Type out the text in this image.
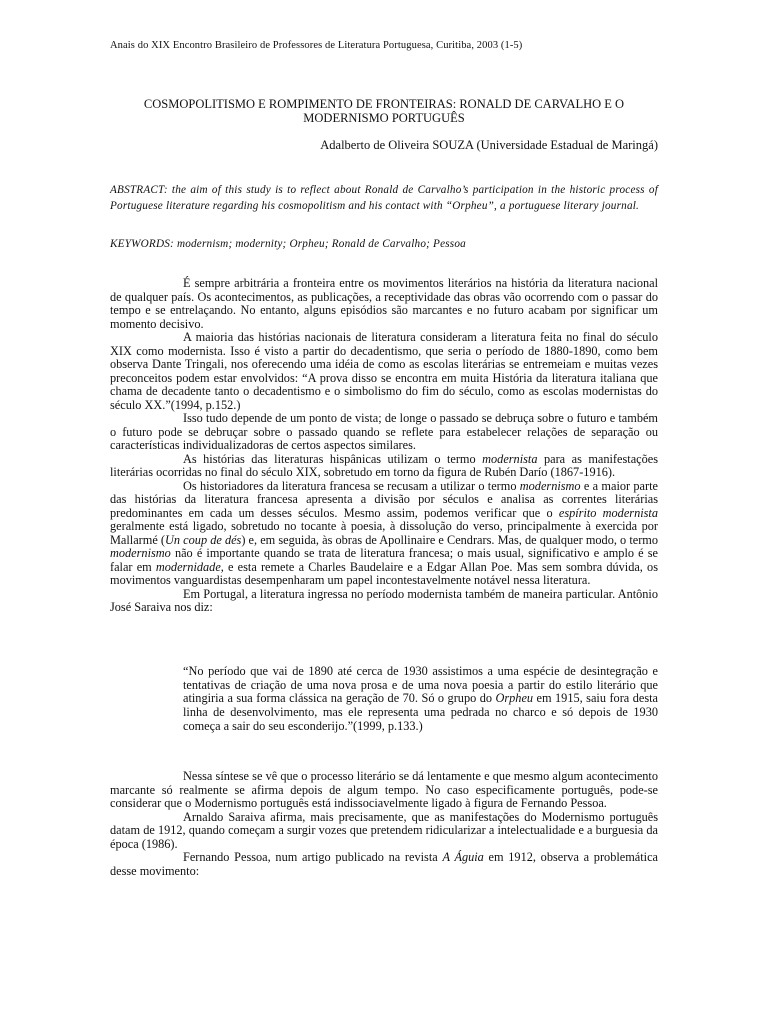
Anais do XIX Encontro Brasileiro de Professores de Literatura Portuguesa, Curitiba, 2003 (1-5)
COSMOPOLITISMO E ROMPIMENTO DE FRONTEIRAS: RONALD DE CARVALHO E O
MODERNISMO PORTUGUÊS
Adalberto de Oliveira SOUZA (Universidade Estadual de Maringá)
ABSTRACT: the aim of this study is to reflect about Ronald de Carvalho’s participation in the historic process of Portuguese literature regarding his cosmopolitism and his contact with “Orpheu”, a portuguese literary journal.
KEYWORDS: modernism; modernity; Orpheu; Ronald de Carvalho; Pessoa

É sempre arbitrária a fronteira entre os movimentos literários na história da literatura nacional de qualquer país. Os acontecimentos, as publicações, a receptividade das obras vão ocorrendo com o passar do tempo e se entrelaçando. No entanto, alguns episódios são marcantes e no futuro acabam por significar um momento decisivo.

A maioria das histórias nacionais de literatura consideram a literatura feita no final do século XIX como modernista. Isso é visto a partir do decadentismo, que seria o período de 1880-1890, como bem observa Dante Tringali, nos oferecendo uma idéia de como as escolas literárias se entremeiam e muitas vezes preconceitos podem estar envolvidos: “A prova disso se encontra em muita História da literatura italiana que chama de decadente tanto o decadentismo e o simbolismo do fim do século, como as escolas modernistas do século XX.”(1994, p.152.)

Isso tudo depende de um ponto de vista; de longe o passado se debruça sobre o futuro e também o futuro pode se debruçar sobre o passado quando se reflete para estabelecer relações de separação ou características individualizadoras de certos aspectos similares.

As histórias das literaturas hispânicas utilizam o termo modernista para as manifestações literárias ocorridas no final do século XIX, sobretudo em torno da figura de Rubén Darío (1867-1916).

Os historiadores da literatura francesa se recusam a utilizar o termo modernismo e a maior parte das histórias da literatura francesa apresenta a divisão por séculos e analisa as correntes literárias predominantes em cada um desses séculos. Mesmo assim, podemos verificar que o espírito modernista geralmente está ligado, sobretudo no tocante à poesia, à dissolução do verso, principalmente à exercida por Mallarmé (Un coup de dés) e, em seguida, às obras de Apollinaire e Cendrars. Mas, de qualquer modo, o termo modernismo não é importante quando se trata de literatura francesa; o mais usual, significativo e amplo é se falar em modernidade, e esta remete a Charles Baudelaire e a Edgar Allan Poe. Mas sem sombra dúvida, os movimentos vanguardistas desempenharam um papel incontestavelmente notável nessa literatura.

Em Portugal, a literatura ingressa no período modernista também de maneira particular. Antônio José Saraiva nos diz:

“No período que vai de 1890 até cerca de 1930 assistimos a uma espécie de desintegração e tentativas de criação de uma nova prosa e de uma nova poesia a partir do estilo literário que atingiria a sua forma clássica na geração de 70. Só o grupo do Orpheu em 1915, saiu fora desta linha de desenvolvimento, mas ele representa uma pedrada no charco e só depois de 1930 começa a sair do seu esconderijo.”(1999, p.133.)

Nessa síntese se vê que o processo literário se dá lentamente e que mesmo algum acontecimento marcante só realmente se afirma depois de algum tempo. No caso especificamente português, pode-se considerar que o Modernismo português está indissociavelmente ligado à figura de Fernando Pessoa.

Arnaldo Saraiva afirma, mais precisamente, que as manifestações do Modernismo português datam de 1912, quando começam a surgir vozes que pretendem ridicularizar a intelectualidade e a burguesia da época (1986).

Fernando Pessoa, num artigo publicado na revista A Águia em 1912, observa a problemática desse movimento:
